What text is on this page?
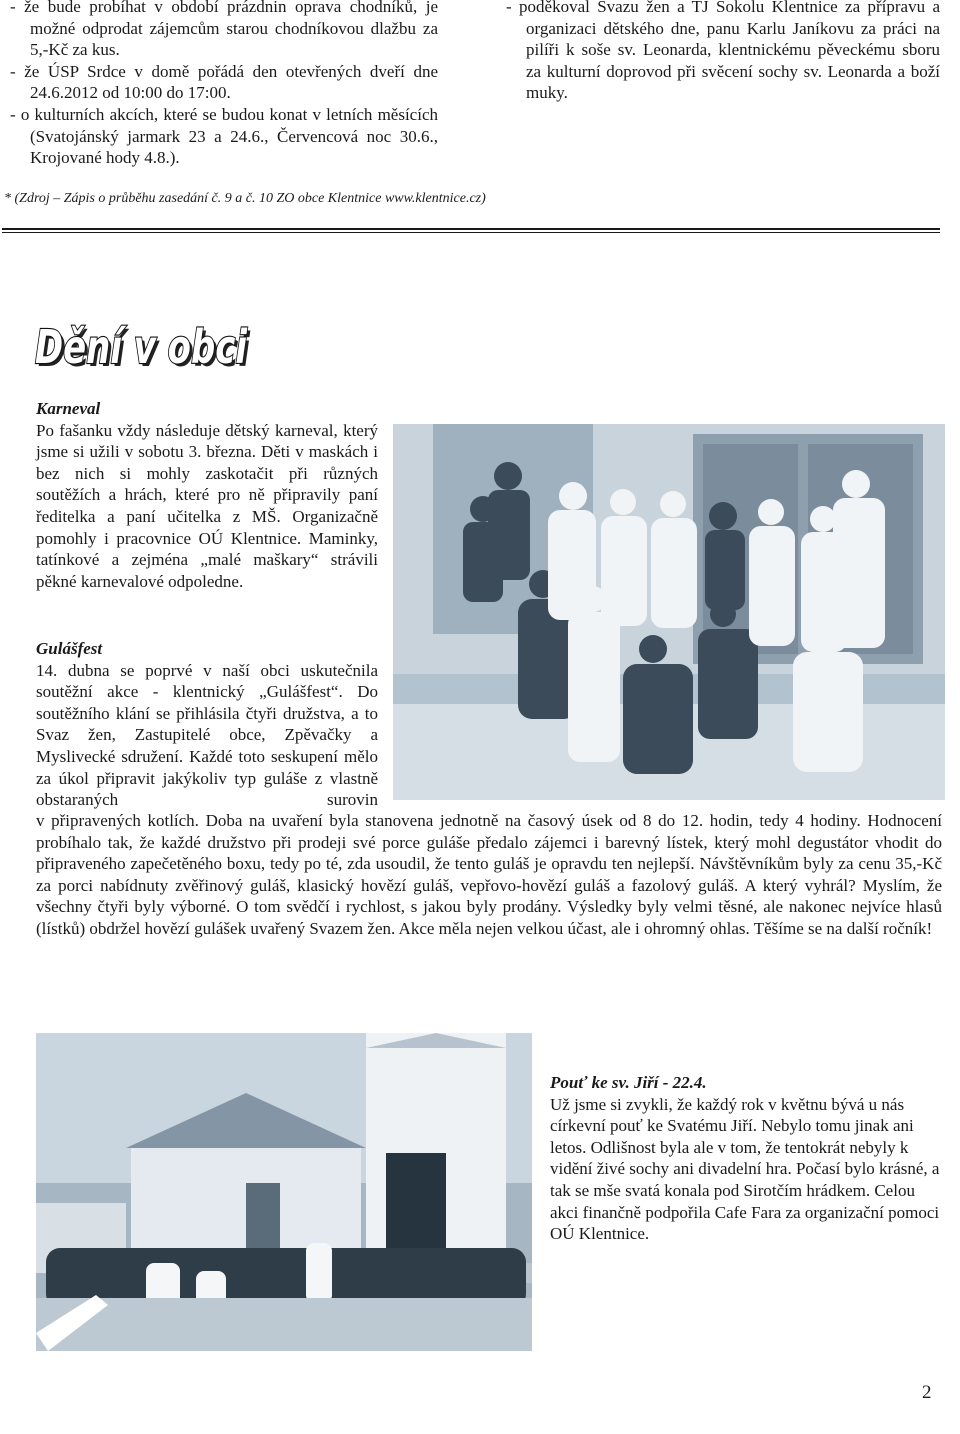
- že bude probíhat v období prázdnin oprava chodníků, je možné odprodat zájemcům starou chodníkovou dlažbu za 5,-Kč za kus.
- že ÚSP Srdce v domě pořádá den otevřených dveří dne 24.6.2012 od 10:00 do 17:00.
- o kulturních akcích, které se budou konat v letních měsících (Svatojánský jarmark 23 a 24.6., Červencová noc 30.6., Krojované hody 4.8.).
- poděkoval Svazu žen a TJ Sokolu Klentnice za přípravu a organizaci dětského dne, panu Karlu Janíkovu za práci na pilíři k soše sv. Leonarda, klentnickému pěveckému sboru za kulturní doprovod při svěcení sochy sv. Leonarda a boží muky.
* (Zdroj – Zápis o průběhu zasedání č. 9 a č. 10 ZO obce Klentnice www.klentnice.cz)
Dění v obci
Dění v obci
Karneval
Po fašanku vždy následuje dětský karneval, který jsme si užili v sobotu 3. března. Děti v maskách i bez nich si mohly zaskotačit při různých soutěžích a hrách, které pro ně připravily paní ředitelka a paní učitelka z MŠ. Organizačně pomohly i pracovnice OÚ Klentnice. Maminky, tatínkové a zejména „malé maškary“ strávili pěkné karnevalové odpoledne.
Gulášfest
14. dubna se poprvé v naší obci uskutečnila soutěžní akce - klentnický „Gulášfest“. Do soutěžního klání se přihlásila čtyři družstva, a to Svaz žen, Zastupitelé obce, Zpěvačky a Myslivecké sdružení. Každé toto seskupení mělo za úkol připravit jakýkoliv typ guláše z vlastně obstaraných surovin
v připravených kotlích. Doba na uvaření byla stanovena jednotně na časový úsek od 8 do 12. hodin, tedy 4 hodiny. Hodnocení probíhalo tak, že každé družstvo při prodeji své porce guláše předalo zájemci i barevný lístek, který mohl degustátor vhodit do připraveného zapečetěného boxu, tedy po té, zda usoudil, že tento guláš je opravdu ten nejlepší. Návštěvníkům byly za cenu 35,-Kč za porci nabídnuty zvěřinový guláš, klasický hovězí guláš, vepřovo-hovězí guláš a fazolový guláš. A který vyhrál? Myslím, že všechny čtyři byly výborné. O tom svědčí i rychlost, s jakou byly prodány. Výsledky byly velmi těsné, ale nakonec nejvíce hlasů (lístků) obdržel hovězí gulášek uvařený Svazem žen. Akce měla nejen velkou účast, ale i ohromný ohlas. Těšíme se na další ročník!
Pouť ke sv. Jiří - 22.4.
Už jsme si zvykli, že každý rok v květnu bývá u nás církevní pouť ke Svatému Jiří. Nebylo tomu jinak ani letos. Odlišnost byla ale v tom, že tentokrát nebyly k vidění živé sochy ani divadelní hra. Počasí bylo krásné, a tak se mše svatá konala pod Sirotčím hrádkem. Celou akci finančně podpořila Cafe Fara za organizační pomoci OÚ Klentnice.
2
